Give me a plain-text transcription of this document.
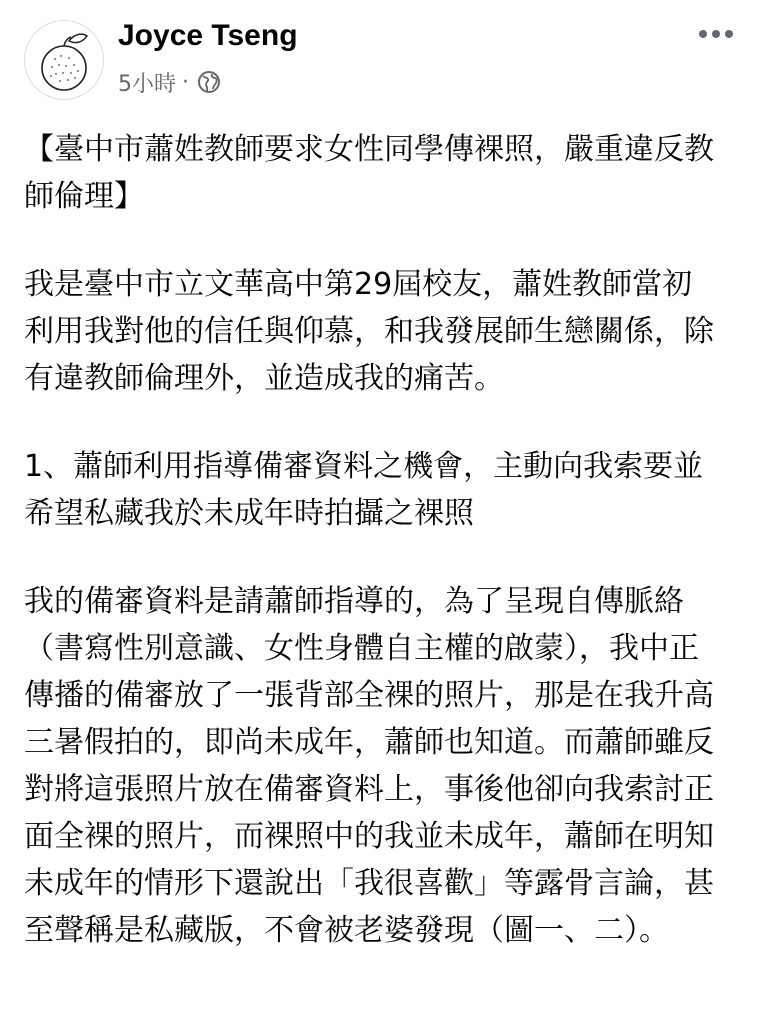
Joyce Tseng
5小時 ·
【臺中市蕭姓教師要求女性同學傳裸照，嚴重違反教
師倫理】
我是臺中市立文華高中第29屆校友，蕭姓教師當初
利用我對他的信任與仰慕，和我發展師生戀關係，除
有違教師倫理外，並造成我的痛苦。
1、蕭師利用指導備審資料之機會，主動向我索要並
希望私藏我於未成年時拍攝之裸照
我的備審資料是請蕭師指導的，為了呈現自傳脈絡
（書寫性別意識、女性身體自主權的啟蒙），我中正
傳播的備審放了一張背部全裸的照片，那是在我升高
三暑假拍的，即尚未成年，蕭師也知道。而蕭師雖反
對將這張照片放在備審資料上，事後他卻向我索討正
面全裸的照片，而裸照中的我並未成年，蕭師在明知
未成年的情形下還說出「我很喜歡」等露骨言論，甚
至聲稱是私藏版，不會被老婆發現（圖一、二）。
